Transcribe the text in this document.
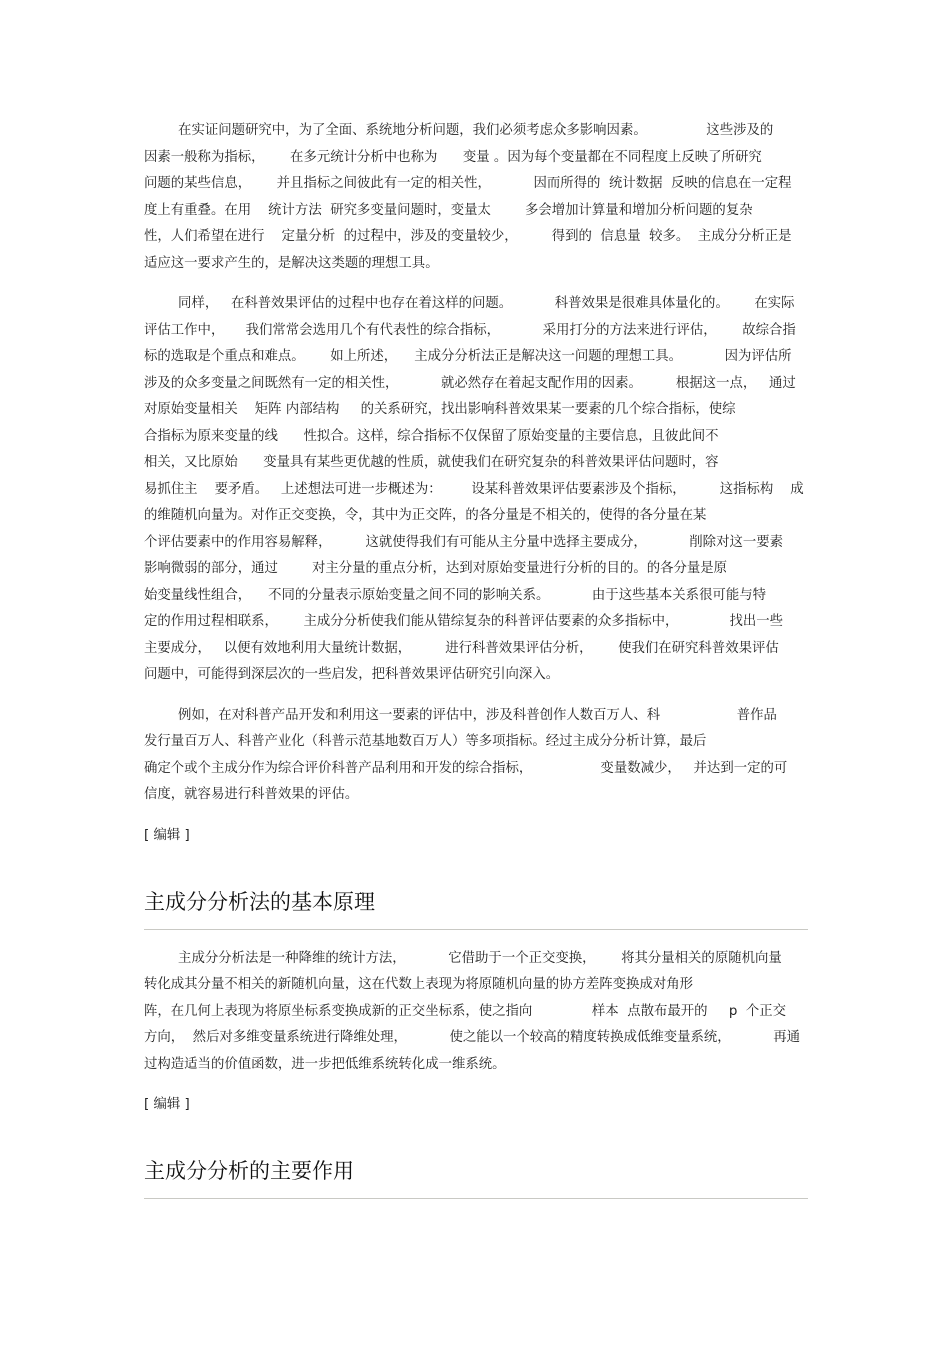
在实证问题研究中，为了全面、系统地分析问题，我们必须考虑众多影响因素。              这些涉及的
因素一般称为指标，      在多元统计分析中也称为      变量 。因为每个变量都在不同程度上反映了所研究
问题的某些信息，      并且指标之间彼此有一定的相关性，          因而所得的  统计数据  反映的信息在一定程
度上有重叠。在用    统计方法  研究多变量问题时，变量太        多会增加计算量和增加分析问题的复杂
性，人们希望在进行    定量分析  的过程中，涉及的变量较少，        得到的  信息量  较多。  主成分分析正是
适应这一要求产生的，是解决这类题的理想工具。
同样，   在科普效果评估的过程中也存在着这样的问题。          科普效果是很难具体量化的。      在实际
评估工作中，     我们常常会选用几个有代表性的综合指标，          采用打分的方法来进行评估，      故综合指
标的选取是个重点和难点。      如上所述，    主成分分析法正是解决这一问题的理想工具。          因为评估所
涉及的众多变量之间既然有一定的相关性，          就必然存在着起支配作用的因素。        根据这一点，   通过
对原始变量相关    矩阵 内部结构     的关系研究，找出影响科普效果某一要素的几个综合指标，使综
合指标为原来变量的线      性拟合。这样，综合指标不仅保留了原始变量的主要信息，且彼此间不
相关，又比原始      变量具有某些更优越的性质，就使我们在研究复杂的科普效果评估问题时，容
易抓住主    要矛盾。   上述想法可进一步概述为：       设某科普效果评估要素涉及个指标，        这指标构    成
的维随机向量为。对作正交变换，令，其中为正交阵，的各分量是不相关的，使得的各分量在某
个评估要素中的作用容易解释，        这就使得我们有可能从主分量中选择主要成分，          削除对这一要素
影响微弱的部分，通过        对主分量的重点分析，达到对原始变量进行分析的目的。的各分量是原
始变量线性组合，    不同的分量表示原始变量之间不同的影响关系。          由于这些基本关系很可能与特
定的作用过程相联系，      主成分分析使我们能从错综复杂的科普评估要素的众多指标中，            找出一些
主要成分，   以便有效地利用大量统计数据，        进行科普效果评估分析，      使我们在研究科普效果评估
问题中，可能得到深层次的一些启发，把科普效果评估研究引向深入。
例如，在对科普产品开发和利用这一要素的评估中，涉及科普创作人数百万人、科                  普作品
发行量百万人、科普产业化（科普示范基地数百万人）等多项指标。经过主成分分析计算，最后
确定个或个主成分作为综合评价科普产品利用和开发的综合指标，                变量数减少，   并达到一定的可
信度，就容易进行科普效果的评估。
[ 编辑 ]
主成分分析法的基本原理
主成分分析法是一种降维的统计方法，          它借助于一个正交变换，      将其分量相关的原随机向量
转化成其分量不相关的新随机向量，这在代数上表现为将原随机向量的协方差阵变换成对角形
阵，在几何上表现为将原坐标系变换成新的正交坐标系，使之指向              样本  点散布最开的     p  个正交
方向，  然后对多维变量系统进行降维处理，          使之能以一个较高的精度转换成低维变量系统，          再通
过构造适当的价值函数，进一步把低维系统转化成一维系统。
[ 编辑 ]
主成分分析的主要作用
